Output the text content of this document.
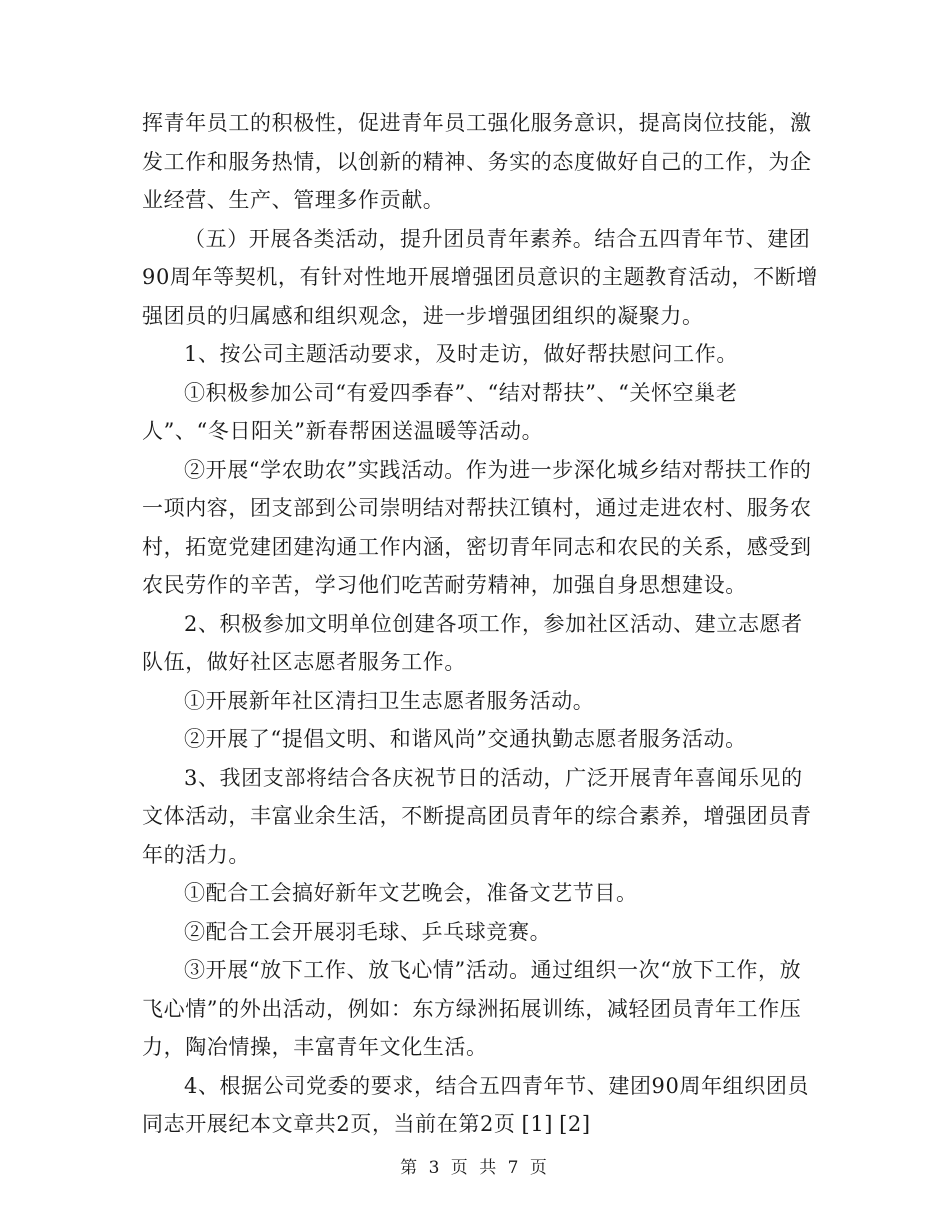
挥青年员工的积极性，促进青年员工强化服务意识，提高岗位技能，激发工作和服务热情，以创新的精神、务实的态度做好自己的工作，为企业经营、生产、管理多作贡献。

（五）开展各类活动，提升团员青年素养。结合五四青年节、建团90周年等契机，有针对性地开展增强团员意识的主题教育活动，不断增强团员的归属感和组织观念，进一步增强团组织的凝聚力。

1、按公司主题活动要求，及时走访，做好帮扶慰问工作。

①积极参加公司“有爱四季春”、“结对帮扶”、“关怀空巢老人”、“冬日阳关”新春帮困送温暖等活动。

②开展“学农助农”实践活动。作为进一步深化城乡结对帮扶工作的一项内容，团支部到公司崇明结对帮扶江镇村，通过走进农村、服务农村，拓宽党建团建沟通工作内涵，密切青年同志和农民的关系，感受到农民劳作的辛苦，学习他们吃苦耐劳精神，加强自身思想建设。

2、积极参加文明单位创建各项工作，参加社区活动、建立志愿者队伍，做好社区志愿者服务工作。

①开展新年社区清扫卫生志愿者服务活动。

②开展了“提倡文明、和谐风尚”交通执勤志愿者服务活动。

3、我团支部将结合各庆祝节日的活动，广泛开展青年喜闻乐见的文体活动，丰富业余生活，不断提高团员青年的综合素养，增强团员青年的活力。

①配合工会搞好新年文艺晚会，准备文艺节目。

②配合工会开展羽毛球、乒乓球竞赛。

③开展“放下工作、放飞心情”活动。通过组织一次“放下工作，放飞心情”的外出活动，例如：东方绿洲拓展训练，减轻团员青年工作压力，陶冶情操，丰富青年文化生活。

4、根据公司党委的要求，结合五四青年节、建团90周年组织团员同志开展纪本文章共2页，当前在第2页 [1] [2]

第 3 页 共 7 页
